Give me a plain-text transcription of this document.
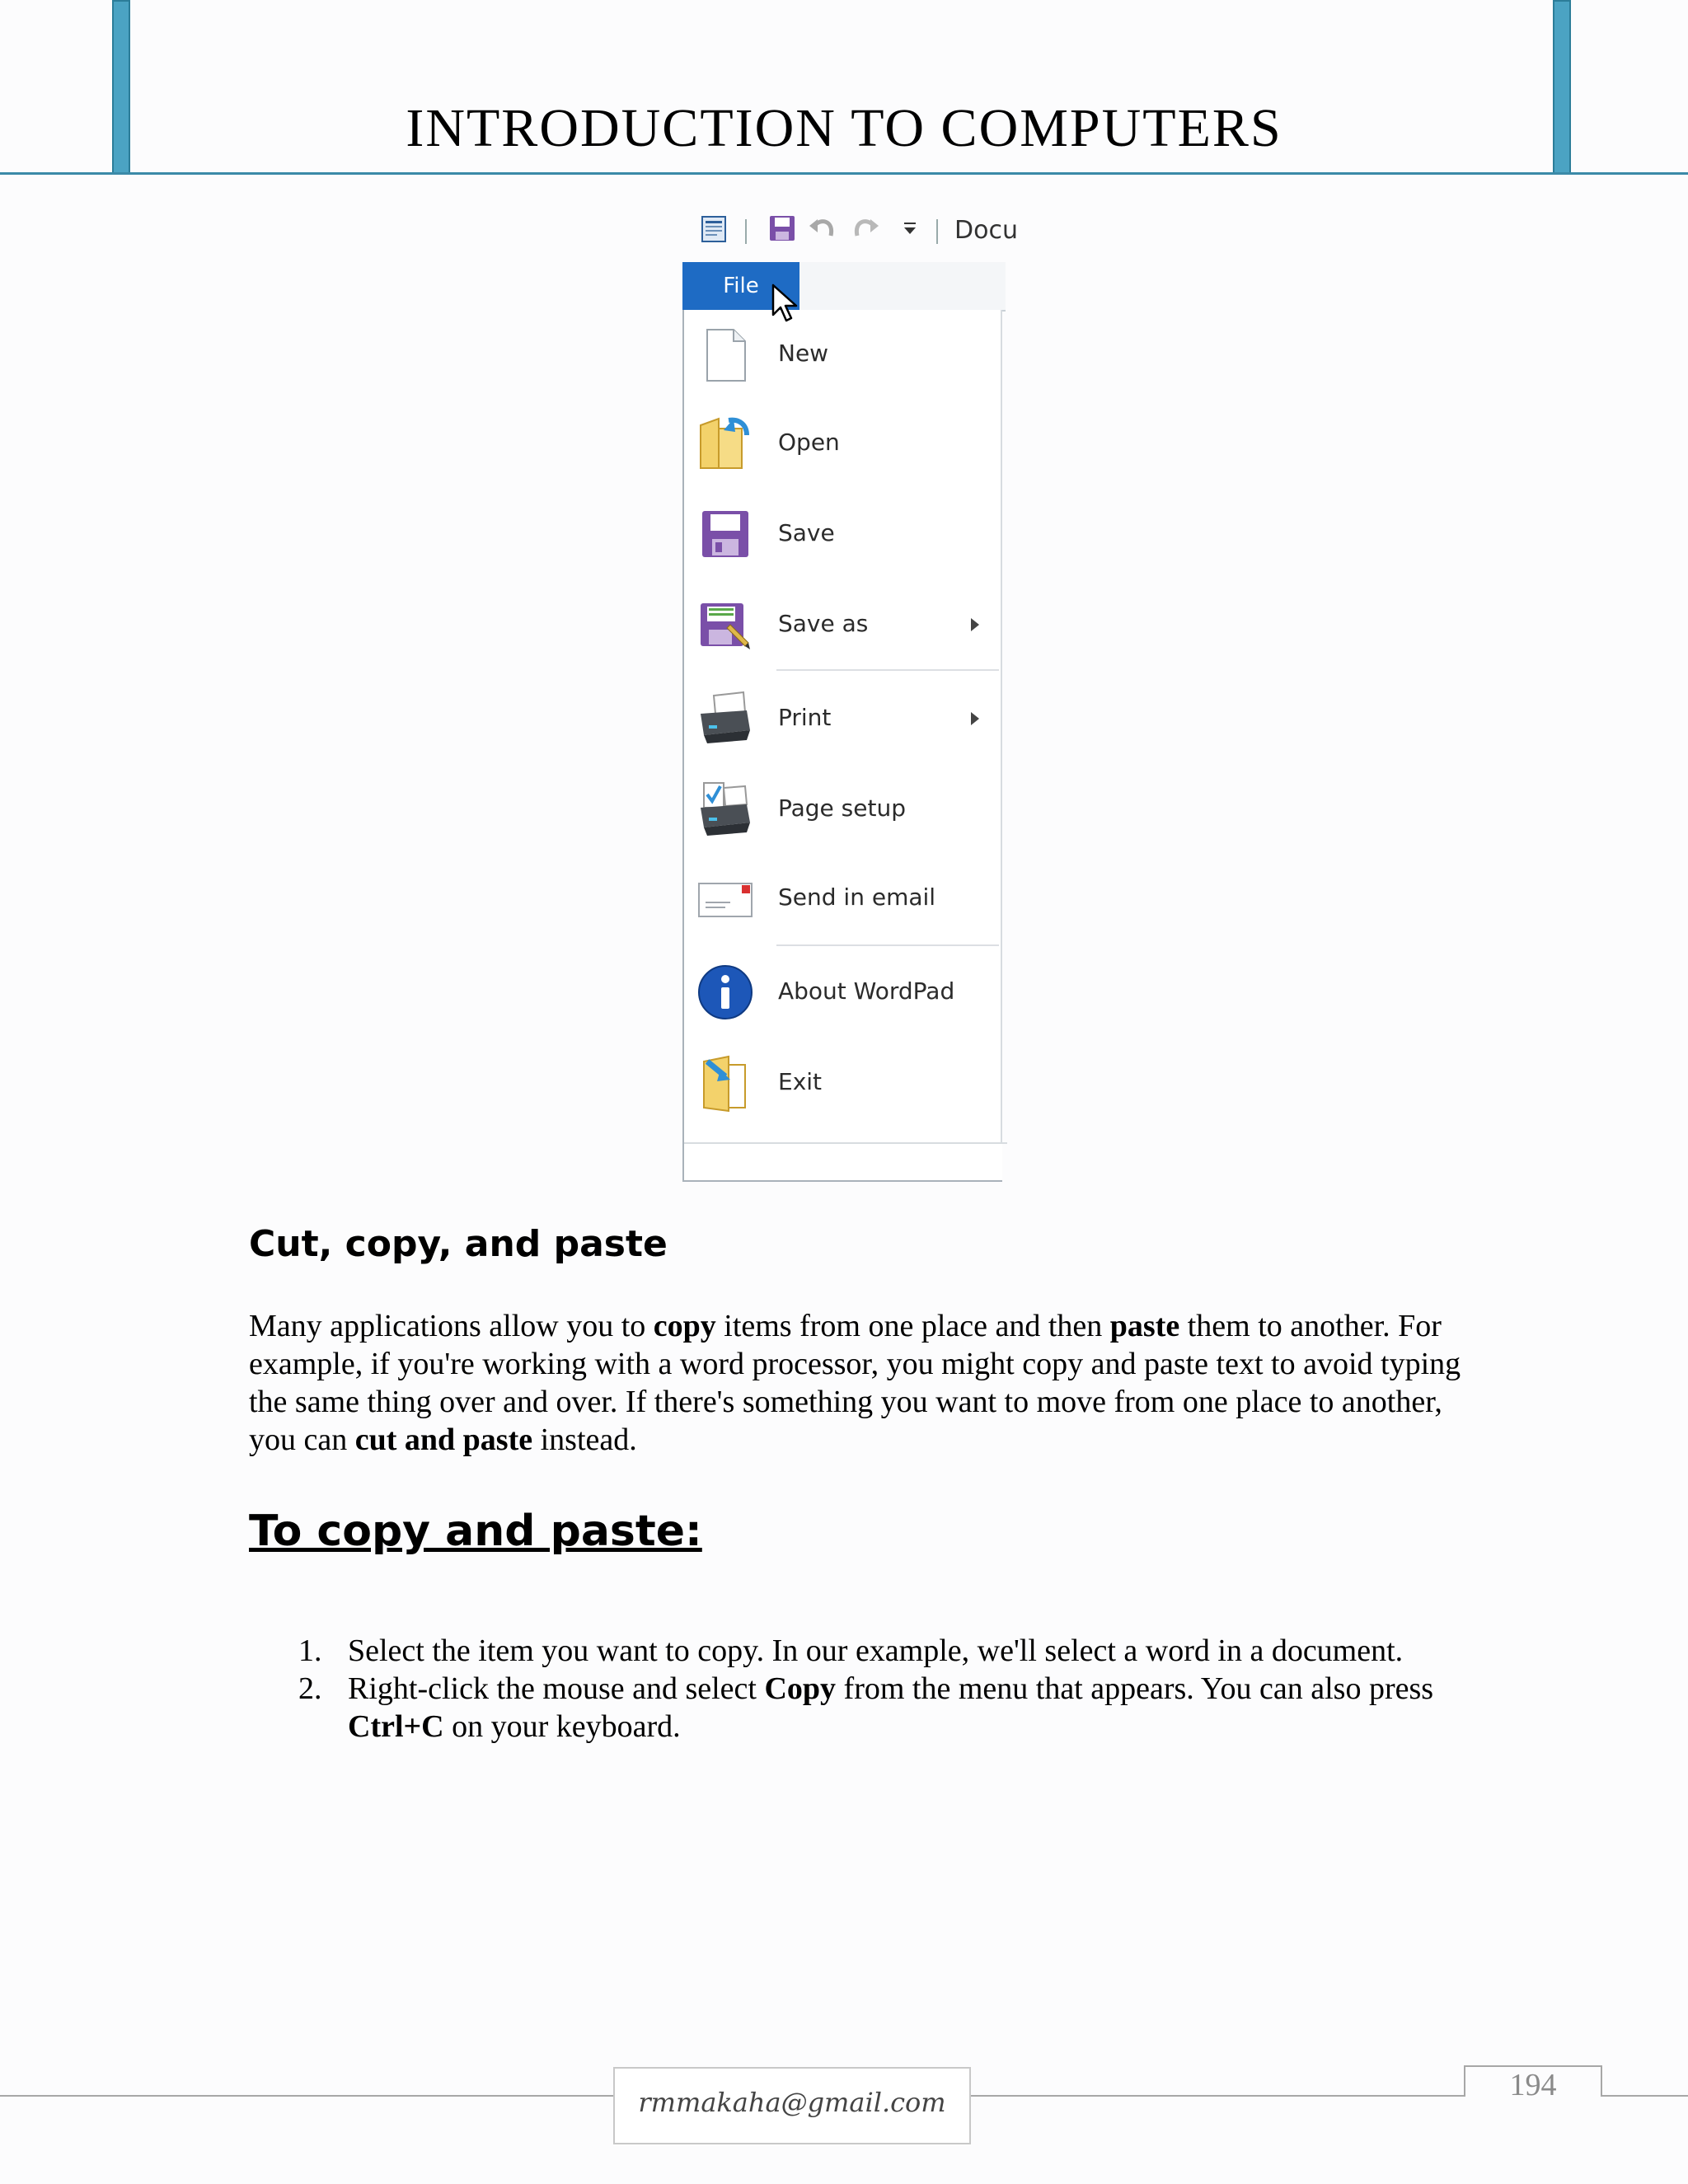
INTRODUCTION TO COMPUTERS
Docu
File
New
Open
Save
Save as
Print
Page setup
Send in email
About WordPad
Exit
Cut, copy, and paste

Many applications allow you to copy items from one place and then paste them to another. For example, if you're working with a word processor, you might copy and paste text to avoid typing the same thing over and over. If there's something you want to move from one place to another, you can cut and paste instead.

To copy and paste:
1. Select the item you want to copy. In our example, we'll select a word in a document.
2. Right-click the mouse and select Copy from the menu that appears. You can also press Ctrl+C on your keyboard.
rmmakaha@gmail.com	194
